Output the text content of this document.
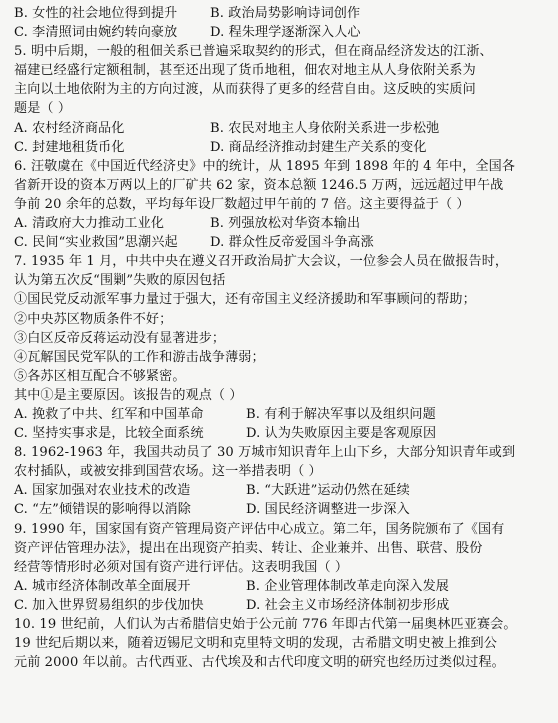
B. 女性的社会地位得到提升	B. 政治局势影响诗词创作
C. 李清照词由婉约转向豪放	D. 程朱理学逐渐深入人心
5. 明中后期，一般的租佃关系已普遍采取契约的形式，但在商品经济发达的江浙、
福建已经盛行定额租制，甚至还出现了货币地租，佃农对地主从人身依附关系为
主向以土地依附为主的方向过渡，从而获得了更多的经营自由。这反映的实质问
题是（ ）
A. 农村经济商品化	B. 农民对地主人身依附关系进一步松弛
C. 封建地租货币化	D. 商品经济推动封建生产关系的变化
6. 汪敬虞在《中国近代经济史》中的统计，从 1895 年到 1898 年的 4 年中，全国各
省新开设的资本万两以上的厂矿共 62 家，资本总额 1246.5 万两，远远超过甲午战
争前 20 余年的总数，平均每年设厂数超过甲午前的 7 倍。这主要得益于（ ）
A. 清政府大力推动工业化	B. 列强放松对华资本输出
C. 民间“实业救国”思潮兴起	D. 群众性反帝爱国斗争高涨
7. 1935 年 1 月，中共中央在遵义召开政治局扩大会议，一位参会人员在做报告时，
认为第五次反“围剿”失败的原因包括
①国民党反动派军事力量过于强大，还有帝国主义经济援助和军事顾问的帮助；
②中央苏区物质条件不好；
③白区反帝反蒋运动没有显著进步；
④瓦解国民党军队的工作和游击战争薄弱；
⑤各苏区相互配合不够紧密。
其中①是主要原因。该报告的观点（ ）
A. 挽救了中共、红军和中国革命	B. 有利于解决军事以及组织问题
C. 坚持实事求是，比较全面系统	D. 认为失败原因主要是客观原因
8. 1962-1963 年，我国共动员了 30 万城市知识青年上山下乡，大部分知识青年或到
农村插队，或被安排到国营农场。这一举措表明（ ）
A. 国家加强对农业技术的改造	B. “大跃进”运动仍然在延续
C. “左”倾错误的影响得以消除	D. 国民经济调整进一步深入
9. 1990 年，国家国有资产管理局资产评估中心成立。第二年，国务院颁布了《国有
资产评估管理办法》，提出在出现资产拍卖、转让、企业兼并、出售、联营、股份
经营等情形时必须对国有资产进行评估。这表明我国（ ）
A. 城市经济体制改革全面展开	B. 企业管理体制改革走向深入发展
C. 加入世界贸易组织的步伐加快	D. 社会主义市场经济体制初步形成
10. 19 世纪前，人们认为古希腊信史始于公元前 776 年即古代第一届奥林匹亚赛会。
19 世纪后期以来，随着迈锡尼文明和克里特文明的发现，古希腊文明史被上推到公
元前 2000 年以前。古代西亚、古代埃及和古代印度文明的研究也经历过类似过程。
